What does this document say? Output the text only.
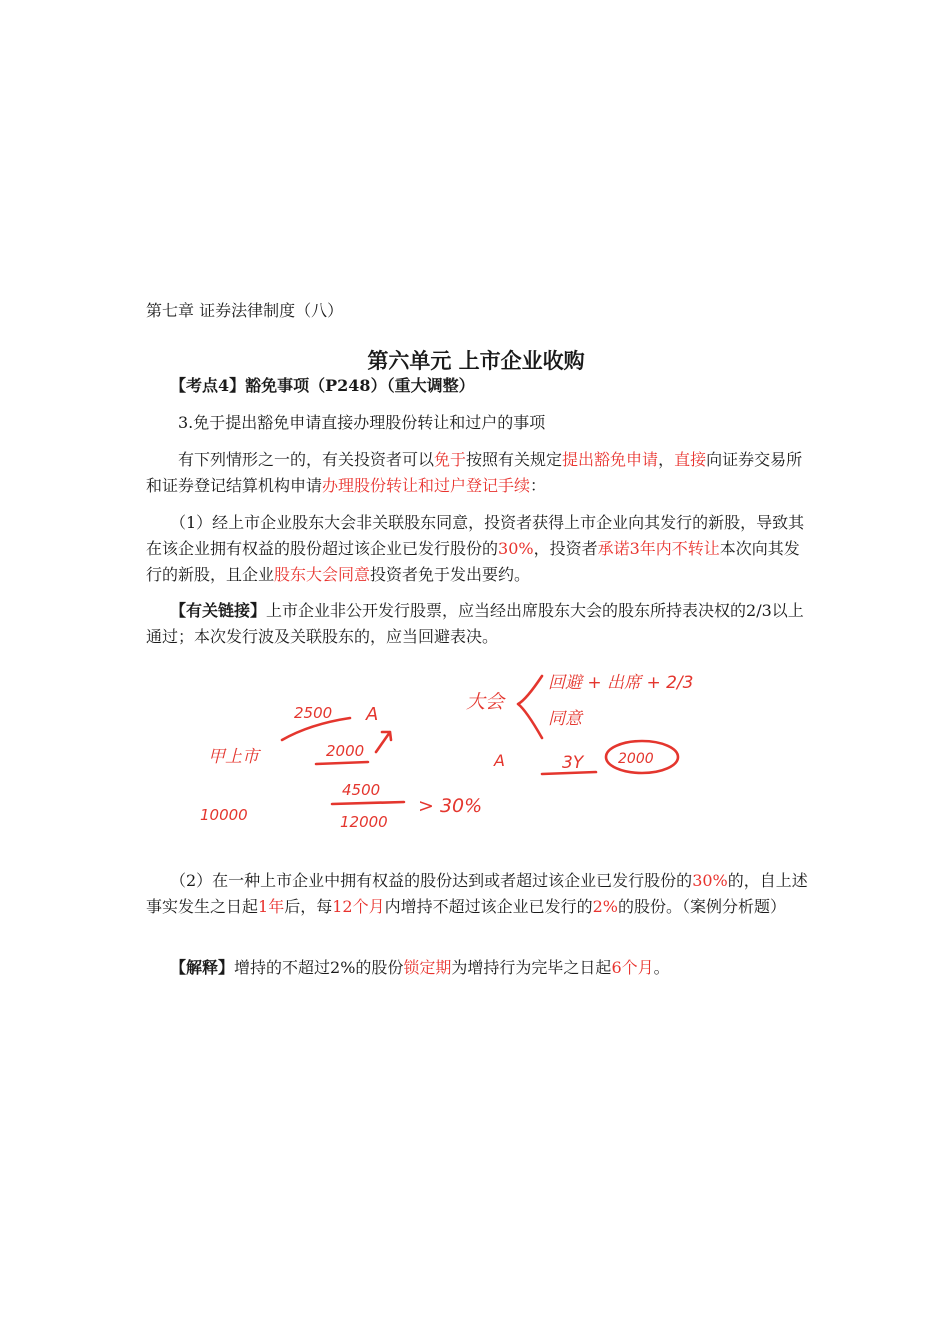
第七章 证券法律制度（八）

第六单元 上市企业收购

【考点4】豁免事项（P248）（重大调整）

3.免于提出豁免申请直接办理股份转让和过户的事项

有下列情形之一的，有关投资者可以免于按照有关规定提出豁免申请，直接向证券交易所和证券登记结算机构申请办理股份转让和过户登记手续：

（1）经上市企业股东大会非关联股东同意，投资者获得上市企业向其发行的新股，导致其在该企业拥有权益的股份超过该企业已发行股份的30%，投资者承诺3年内不转让本次向其发行的新股，且企业股东大会同意投资者免于发出要约。

【有关链接】上市企业非公开发行股票，应当经出席股东大会的股东所持表决权的2/3以上通过；本次发行波及关联股东的，应当回避表决。

甲上市
10000
2500 A
2000
4500
12000
> 30%
大会
回避 + 出席 + 2/3
同意
A	3Y 2000

（2）在一种上市企业中拥有权益的股份达到或者超过该企业已发行股份的30%的，自上述事实发生之日起1年后，每12个月内增持不超过该企业已发行的2%的股份。（案例分析题）

【解释】增持的不超过2%的股份锁定期为增持行为完毕之日起6个月。
